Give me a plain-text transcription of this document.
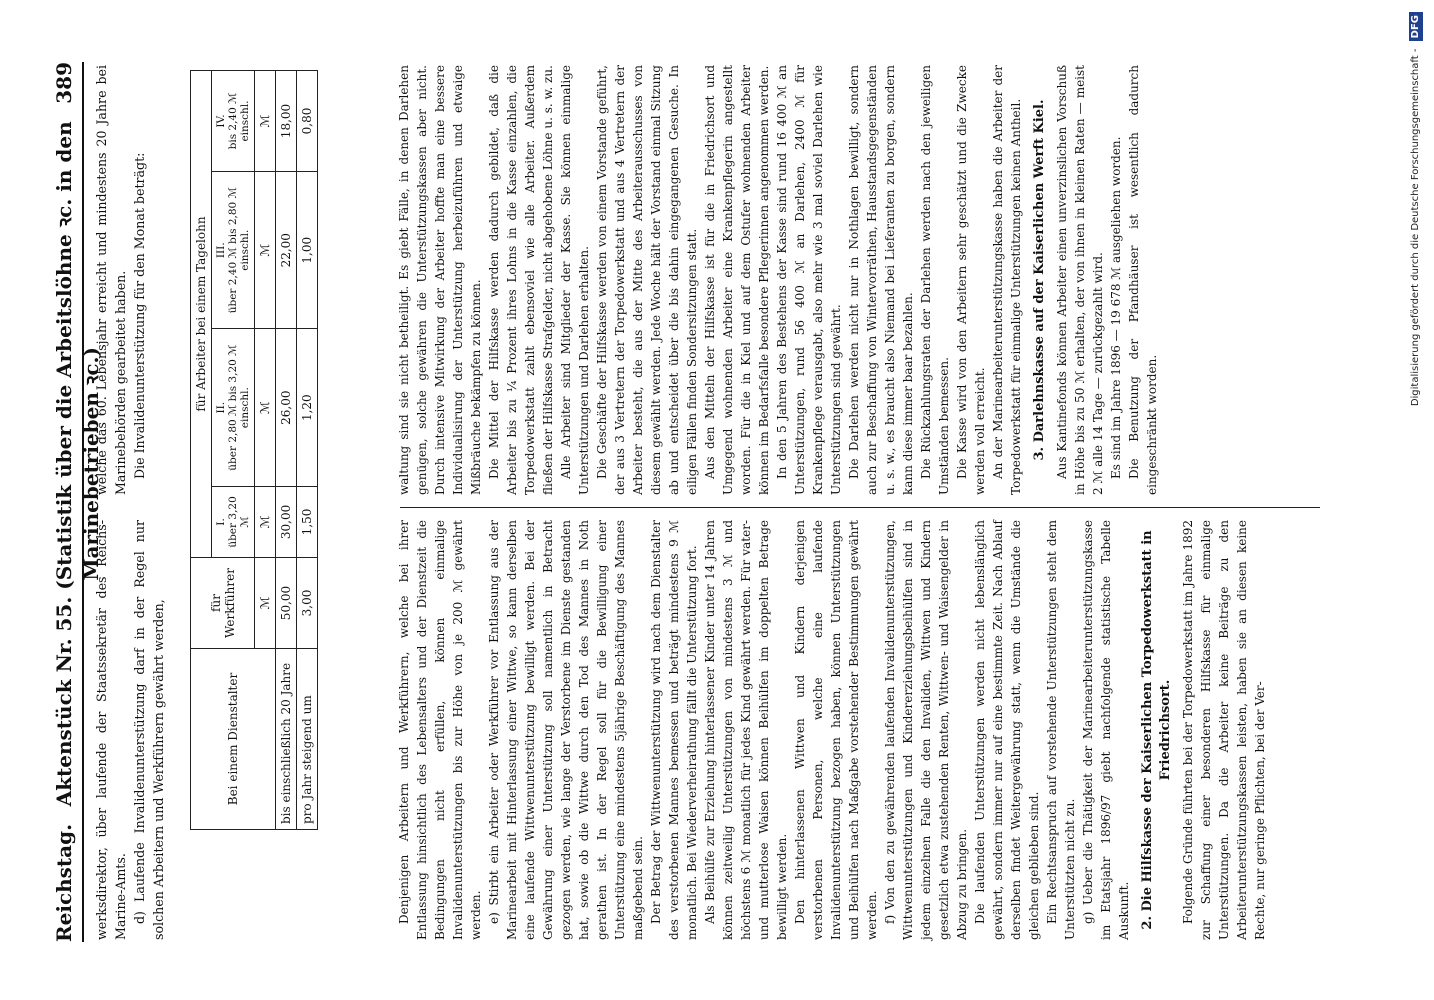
Reichstag.
Aktenstück Nr. 55. (Statistik über die Arbeitslöhne ꝛc. in den Marinebetrieben ꝛc.)
389

werksdirektor, über laufende der Staatssekretär des Reichs-Marine-Amts. d) Laufende Invalidenunterstützung darf in der Regel nur solchen Arbeitern und Werkführern gewährt werden,

welche das 60. Lebensjahr erreicht und mindestens 20 Jahre bei Marinebehörden gearbeitet haben. Die Invalidenunterstützung für den Monat beträgt:

Bei einem Dienstalter	für Werkführer	für Arbeiter bei einem Tagelohn			
		I.
über 3,20 ℳ	II.
über 2,80 ℳ bis 3,20 ℳ einschl.	III.
über 2,40 ℳ bis 2,80 ℳ einschl.	IV.
bis 2,40 ℳ einschl.
	ℳ	ℳ	ℳ	ℳ	ℳ
bis einschließlich 20 Jahre	50,00	30,00	26,00	22,00	18,00
pro Jahr steigend um	3,00	1,50	1,20	1,00	0,80

Denjenigen Arbeitern und Werkführern, welche bei ihrer Entlassung hinsichtlich des Lebensalters und der Dienstzeit die Bedingungen nicht erfüllen, können einmalige Invalidenunterstützungen bis zur Höhe von je 200 ℳ gewährt werden. e) Stirbt ein Arbeiter oder Werkführer vor Entlassung aus der Marinearbeit mit Hinterlassung einer Wittwe, so kann derselben eine laufende Wittwenunterstützung bewilligt werden. Bei der Gewährung einer Unterstützung soll namentlich in Betracht gezogen werden, wie lange der Verstorbene im Dienste gestanden hat, sowie ob die Wittwe durch den Tod des Mannes in Noth gerathen ist. In der Regel soll für die Bewilligung einer Unterstützung eine mindestens 5jährige Beschäftigung des Mannes maßgebend sein. Der Betrag der Wittwenunterstützung wird nach dem Dienstalter des verstorbenen Mannes bemessen und beträgt mindestens 9 ℳ monatlich. Bei Wiederverheirathung fällt die Unterstützung fort. Als Beihülfe zur Erziehung hinterlassener Kinder unter 14 Jahren können zeitweilig Unterstützungen von mindestens 3 ℳ und höchstens 6 ℳ monatlich für jedes Kind gewährt werden. Für vater- und mutterlose Waisen können Beihülfen im doppelten Betrage bewilligt werden. Den hinterlassenen Wittwen und Kindern derjenigen verstorbenen Personen, welche eine laufende Invalidenunterstützung bezogen haben, können Unterstützungen und Beihülfen nach Maßgabe vorstehender Bestimmungen gewährt werden. f) Von den zu gewährenden laufenden Invalidenunterstützungen, Wittwenunterstützungen und Kindererziehungsbeihülfen sind in jedem einzelnen Falle die den Invaliden, Wittwen und Kindern gesetzlich etwa zustehenden Renten, Wittwen- und Waisengelder in Abzug zu bringen. Die laufenden Unterstützungen werden nicht lebenslänglich gewährt, sondern immer nur auf eine bestimmte Zeit. Nach Ablauf derselben findet Weitergewährung statt, wenn die Umstände die gleichen geblieben sind. Ein Rechtsanspruch auf vorstehende Unterstützungen steht dem Unterstützten nicht zu. g) Ueber die Thätigkeit der Marinearbeiterunterstützungskasse im Etatsjahr 1896/97 giebt nachfolgende statistische Tabelle Auskunft. 2. Die Hilfskasse der Kaiserlichen Torpedowerkstatt in Friedrichsort. Folgende Gründe führten bei der Torpedowerkstatt im Jahre 1892 zur Schaffung einer besonderen Hilfskasse für einmalige Unterstützungen. Da die Arbeiter keine Beiträge zu den Arbeiterunterstützungskassen leisten, haben sie an diesen keine Rechte, nur geringe Pflichten, bei der Ver-

waltung sind sie nicht betheiligt. Es giebt Fälle, in denen Darlehen genügen, solche gewähren die Unterstützungskassen aber nicht. Durch intensive Mitwirkung der Arbeiter hoffte man eine bessere Individualisirung der Unterstützung herbeizuführen und etwaige Mißbräuche bekämpfen zu können. Die Mittel der Hilfskasse werden dadurch gebildet, daß die Arbeiter bis zu ¼ Prozent ihres Lohns in die Kasse einzahlen, die Torpedowerkstatt zahlt ebensoviel wie alle Arbeiter. Außerdem fließen der Hilfskasse Strafgelder, nicht abgehobene Löhne u. s. w. zu. Alle Arbeiter sind Mitglieder der Kasse. Sie können einmalige Unterstützungen und Darlehen erhalten. Die Geschäfte der Hilfskasse werden von einem Vorstande geführt, der aus 3 Vertretern der Torpedowerkstatt und aus 4 Vertretern der Arbeiter besteht, die aus der Mitte des Arbeiterausschusses von diesem gewählt werden. Jede Woche hält der Vorstand einmal Sitzung ab und entscheidet über die bis dahin eingegangenen Gesuche. In eiligen Fällen finden Sondersitzungen statt. Aus den Mitteln der Hilfskasse ist für die in Friedrichsort und Umgegend wohnenden Arbeiter eine Krankenpflegerin angestellt worden. Für die in Kiel und auf dem Ostufer wohnenden Arbeiter können im Bedarfsfalle besondere Pflegerinnen angenommen werden. In den 5 Jahren des Bestehens der Kasse sind rund 16 400 ℳ an Unterstützungen, rund 56 400 ℳ an Darlehen, 2400 ℳ für Krankenpflege verausgabt, also mehr wie 3 mal soviel Darlehen wie Unterstützungen sind gewährt. Die Darlehen werden nicht nur in Nothlagen bewilligt, sondern auch zur Beschaffung von Wintervorräthen, Hausstandsgegenständen u. s. w., es braucht also Niemand bei Lieferanten zu borgen, sondern kann diese immer baar bezahlen. Die Rückzahlungsraten der Darlehen werden nach den jeweiligen Umständen bemessen. Die Kasse wird von den Arbeitern sehr geschätzt und die Zwecke werden voll erreicht. An der Marinearbeiterunterstützungskasse haben die Arbeiter der Torpedowerkstatt für einmalige Unterstützungen keinen Antheil. 3. Darlehnskasse auf der Kaiserlichen Werft Kiel. Aus Kantinefonds können Arbeiter einen unverzinslichen Vorschuß in Höhe bis zu 50 ℳ erhalten, der von ihnen in kleinen Raten — meist 2 ℳ alle 14 Tage — zurückgezahlt wird. Es sind im Jahre 1896 — 19 678 ℳ ausgeliehen worden. Die Benutzung der Pfandhäuser ist wesentlich dadurch eingeschränkt worden.

Digitalisierung gefördert durch die Deutsche Forschungsgemeinschaft - DFG
